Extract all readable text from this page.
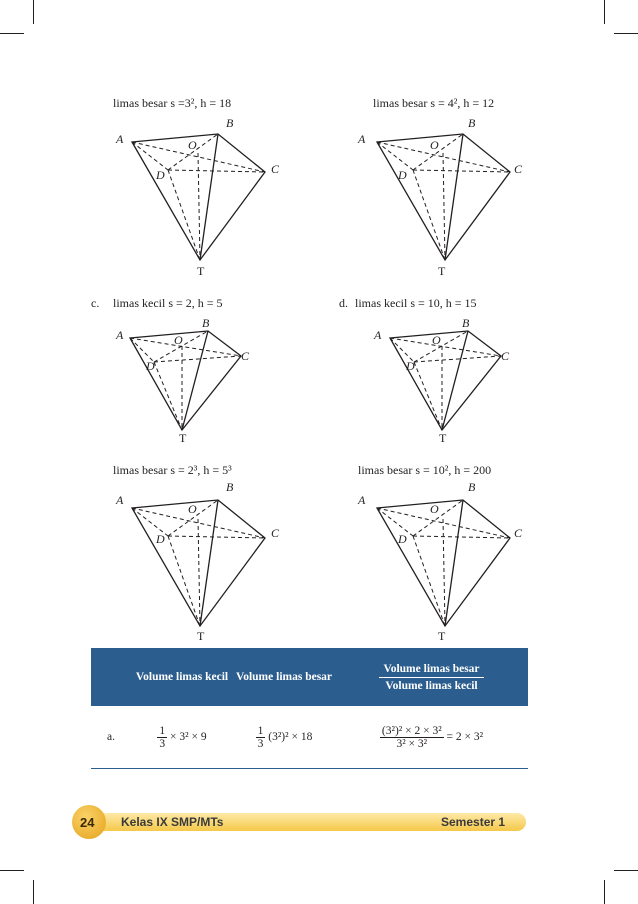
limas besar s =3², h = 18	limas besar s = 4², h = 12
c. limas kecil s = 2, h = 5	d. limas kecil s = 10, h = 15
limas besar s = 2³, h = 5³	limas besar s = 10², h = 200
A
B
O
C
D
T
A
B
O
C
D
T
A
B
O
C
D
T
A
B
O
C
D
T
A
B
O
C
D
T
A
B
O
C
D
T
	Volume limas kecil	Volume limas besar	$\frac{\text{Volume limas besar}}{\text{Volume limas kecil}}$

a.	$\frac{1}{3} \times 3^2 \times 9$	$\frac{1}{3} (3^2)^2 \times 18$	$\frac{\text{(3²)² × 2 × 3²}}{\text{3² × 3²}} = 2 \times 3^2$
24 Kelas IX SMP/MTs	Semester 1
